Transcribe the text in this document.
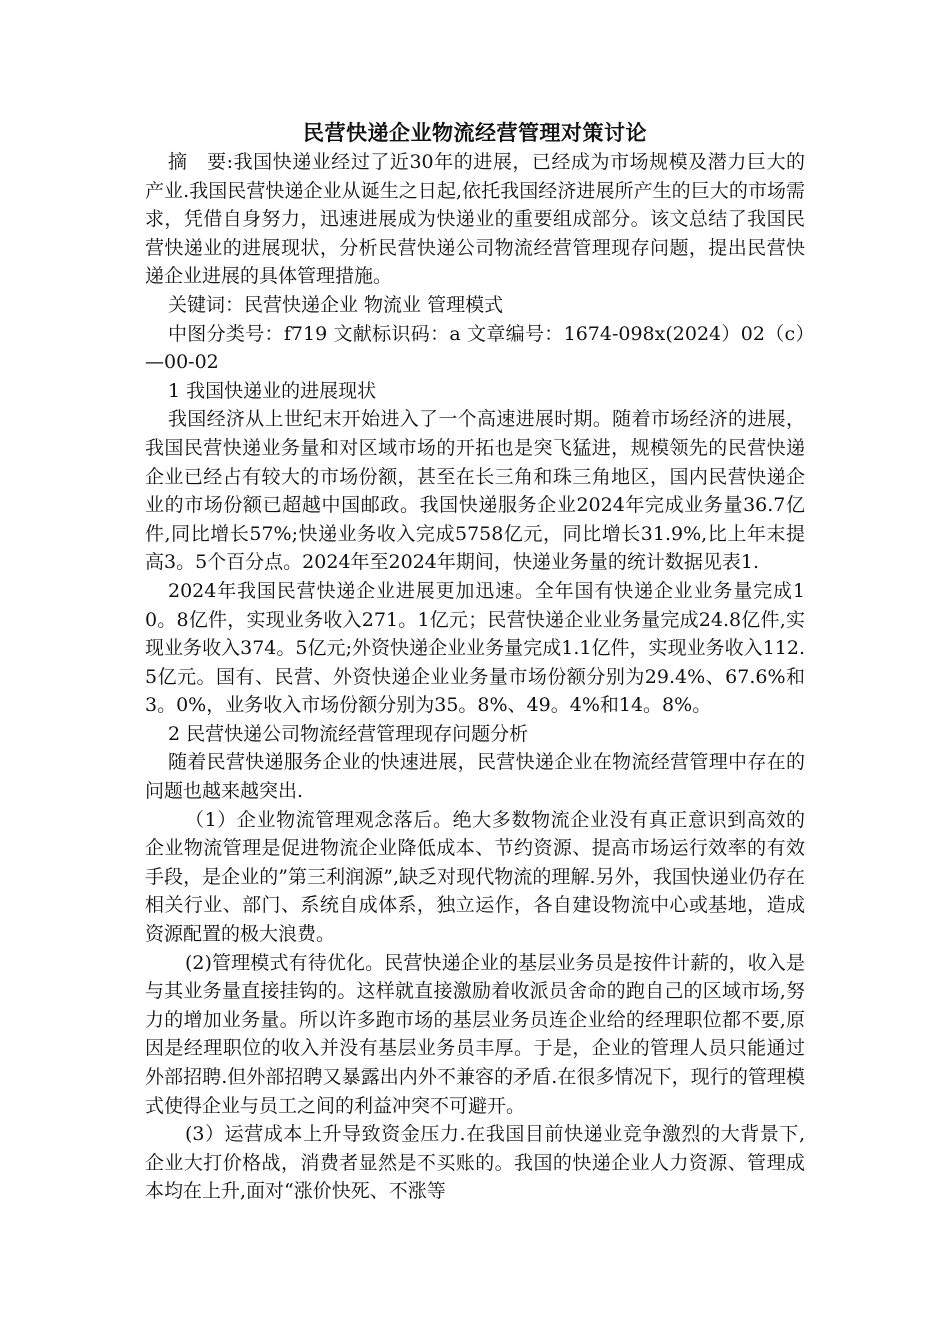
民营快递企业物流经营管理对策讨论

摘　要:我国快递业经过了近30年的进展，已经成为市场规模及潜力巨大的产业.我国民营快递企业从诞生之日起,依托我国经济进展所产生的巨大的市场需求，凭借自身努力，迅速进展成为快递业的重要组成部分。该文总结了我国民营快递业的进展现状，分析民营快递公司物流经营管理现存问题，提出民营快递企业进展的具体管理措施。

关键词：民营快递企业 物流业 管理模式

中图分类号：f719 文献标识码：a 文章编号：1674-098x(2024）02（c）—00-02

1 我国快递业的进展现状

我国经济从上世纪末开始进入了一个高速进展时期。随着市场经济的进展，我国民营快递业务量和对区域市场的开拓也是突飞猛进，规模领先的民营快递企业已经占有较大的市场份额，甚至在长三角和珠三角地区，国内民营快递企业的市场份额已超越中国邮政。我国快递服务企业2024年完成业务量36.7亿件,同比增长57%;快递业务收入完成5758亿元，同比增长31.9%,比上年末提高3。5个百分点。2024年至2024年期间，快递业务量的统计数据见表1.

2024年我国民营快递企业进展更加迅速。全年国有快递企业业务量完成10。8亿件，实现业务收入271。1亿元；民营快递企业业务量完成24.8亿件,实现业务收入374。5亿元;外资快递企业业务量完成1.1亿件，实现业务收入112.5亿元。国有、民营、外资快递企业业务量市场份额分别为29.4%、67.6%和3。0%，业务收入市场份额分别为35。8%、49。4%和14。8%。

2 民营快递公司物流经营管理现存问题分析

随着民营快递服务企业的快速进展，民营快递企业在物流经营管理中存在的问题也越来越突出.

（1）企业物流管理观念落后。绝大多数物流企业没有真正意识到高效的企业物流管理是促进物流企业降低成本、节约资源、提高市场运行效率的有效手段，是企业的”第三利润源”,缺乏对现代物流的理解.另外，我国快递业仍存在相关行业、部门、系统自成体系，独立运作，各自建设物流中心或基地，造成资源配置的极大浪费。

(2)管理模式有待优化。民营快递企业的基层业务员是按件计薪的，收入是与其业务量直接挂钩的。这样就直接激励着收派员舍命的跑自己的区域市场,努力的增加业务量。所以许多跑市场的基层业务员连企业给的经理职位都不要,原因是经理职位的收入并没有基层业务员丰厚。于是，企业的管理人员只能通过外部招聘.但外部招聘又暴露出内外不兼容的矛盾.在很多情况下，现行的管理模式使得企业与员工之间的利益冲突不可避开。

(3）运营成本上升导致资金压力.在我国目前快递业竞争激烈的大背景下,企业大打价格战，消费者显然是不买账的。我国的快递企业人力资源、管理成本均在上升,面对“涨价快死、不涨等
